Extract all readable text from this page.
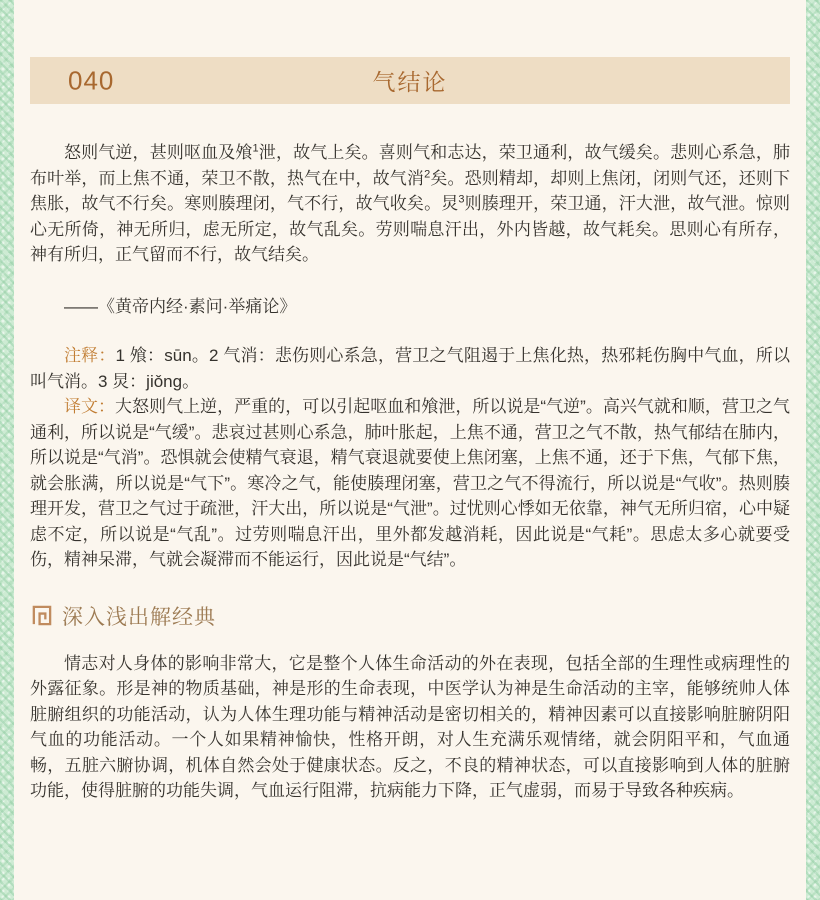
040	气结论

怒则气逆，甚则呕血及飧$^1$泄，故气上矣。喜则气和志达，荣卫通利，故气缓矣。悲则心系急，肺布叶举，而上焦不通，荣卫不散，热气在中，故气消$^2$矣。恐则精却，却则上焦闭，闭则气还，还则下焦胀，故气不行矣。寒则腠理闭，气不行，故气收矣。炅$^3$则腠理开，荣卫通，汗大泄，故气泄。惊则心无所倚，神无所归，虑无所定，故气乱矣。劳则喘息汗出，外内皆越，故气耗矣。思则心有所存，神有所归，正气留而不行，故气结矣。

——《黄帝内经·素问·举痛论》

注释：1 飧：sūn。2 气消：悲伤则心系急，营卫之气阻遏于上焦化热，热邪耗伤胸中气血，所以叫气消。3 炅：jiǒng。

译文：大怒则气上逆，严重的，可以引起呕血和飧泄，所以说是“气逆”。高兴气就和顺，营卫之气通利，所以说是“气缓”。悲哀过甚则心系急，肺叶胀起，上焦不通，营卫之气不散，热气郁结在肺内，所以说是“气消”。恐惧就会使精气衰退，精气衰退就要使上焦闭塞，上焦不通，还于下焦，气郁下焦，就会胀满，所以说是“气下”。寒冷之气，能使腠理闭塞，营卫之气不得流行，所以说是“气收”。热则腠理开发，营卫之气过于疏泄，汗大出，所以说是“气泄”。过忧则心悸如无依靠，神气无所归宿，心中疑虑不定，所以说是“气乱”。过劳则喘息汗出，里外都发越消耗，因此说是“气耗”。思虑太多心就要受伤，精神呆滞，气就会凝滞而不能运行，因此说是“气结”。

深入浅出解经典

情志对人身体的影响非常大，它是整个人体生命活动的外在表现，包括全部的生理性或病理性的外露征象。形是神的物质基础，神是形的生命表现，中医学认为神是生命活动的主宰，能够统帅人体脏腑组织的功能活动，认为人体生理功能与精神活动是密切相关的，精神因素可以直接影响脏腑阴阳气血的功能活动。一个人如果精神愉快，性格开朗，对人生充满乐观情绪，就会阴阳平和，气血通畅，五脏六腑协调，机体自然会处于健康状态。反之，不良的精神状态，可以直接影响到人体的脏腑功能，使得脏腑的功能失调，气血运行阻滞，抗病能力下降，正气虚弱，而易于导致各种疾病。
